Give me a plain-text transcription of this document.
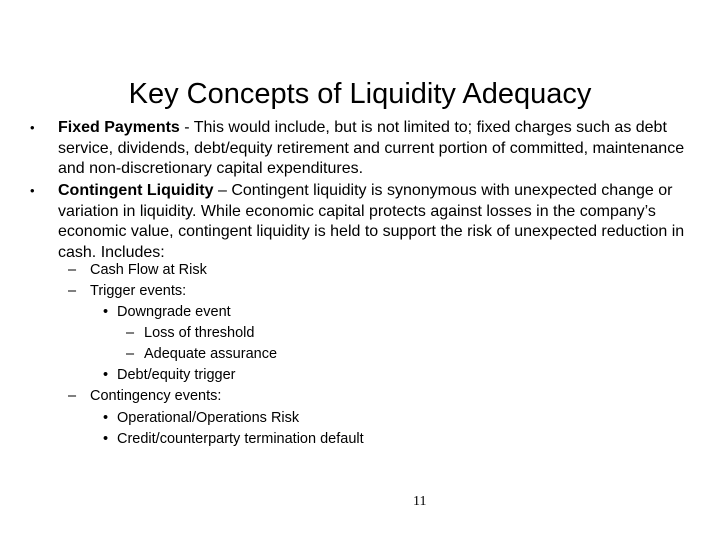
Key Concepts of Liquidity Adequacy
• Fixed Payments - This would include, but is not limited to; fixed charges such as debt service, dividends, debt/equity retirement and current portion of committed, maintenance and non-discretionary capital expenditures.
• Contingent Liquidity – Contingent liquidity is synonymous with unexpected change or variation in liquidity. While economic capital protects against losses in the company’s economic value, contingent liquidity is held to support the risk of unexpected reduction in cash. Includes:
– Cash Flow at Risk
– Trigger events:
• Downgrade event
– Loss of threshold
– Adequate assurance
• Debt/equity trigger
– Contingency events:
• Operational/Operations Risk
• Credit/counterparty termination default
11
